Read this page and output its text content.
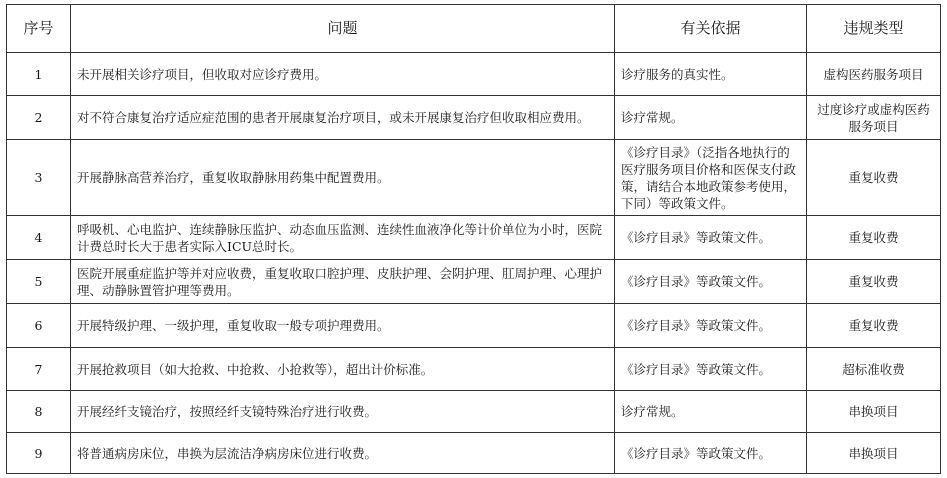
序号	问题	有关依据	违规类型
1	未开展相关诊疗项目，但收取对应诊疗费用。	诊疗服务的真实性。	虚构医药服务项目
2	对不符合康复治疗适应症范围的患者开展康复治疗项目，或未开展康复治疗但收取相应费用。	诊疗常规。	过度诊疗或虚构医药服务项目
3	开展静脉高营养治疗，重复收取静脉用药集中配置费用。	《诊疗目录》（泛指各地执行的医疗服务项目价格和医保支付政策，请结合本地政策参考使用，下同）等政策文件。	重复收费
4	呼吸机、心电监护、连续静脉压监护、动态血压监测、连续性血液净化等计价单位为小时，医院计费总时长大于患者实际入ICU总时长。	《诊疗目录》等政策文件。	重复收费
5	医院开展重症监护等并对应收费，重复收取口腔护理、皮肤护理、会阴护理、肛周护理、心理护理、动静脉置管护理等费用。	《诊疗目录》等政策文件。	重复收费
6	开展特级护理、一级护理，重复收取一般专项护理费用。	《诊疗目录》等政策文件。	重复收费
7	开展抢救项目（如大抢救、中抢救、小抢救等），超出计价标准。	《诊疗目录》等政策文件。	超标准收费
8	开展经纤支镜治疗，按照经纤支镜特殊治疗进行收费。	诊疗常规。	串换项目
9	将普通病房床位，串换为层流洁净病房床位进行收费。	《诊疗目录》等政策文件。	串换项目
